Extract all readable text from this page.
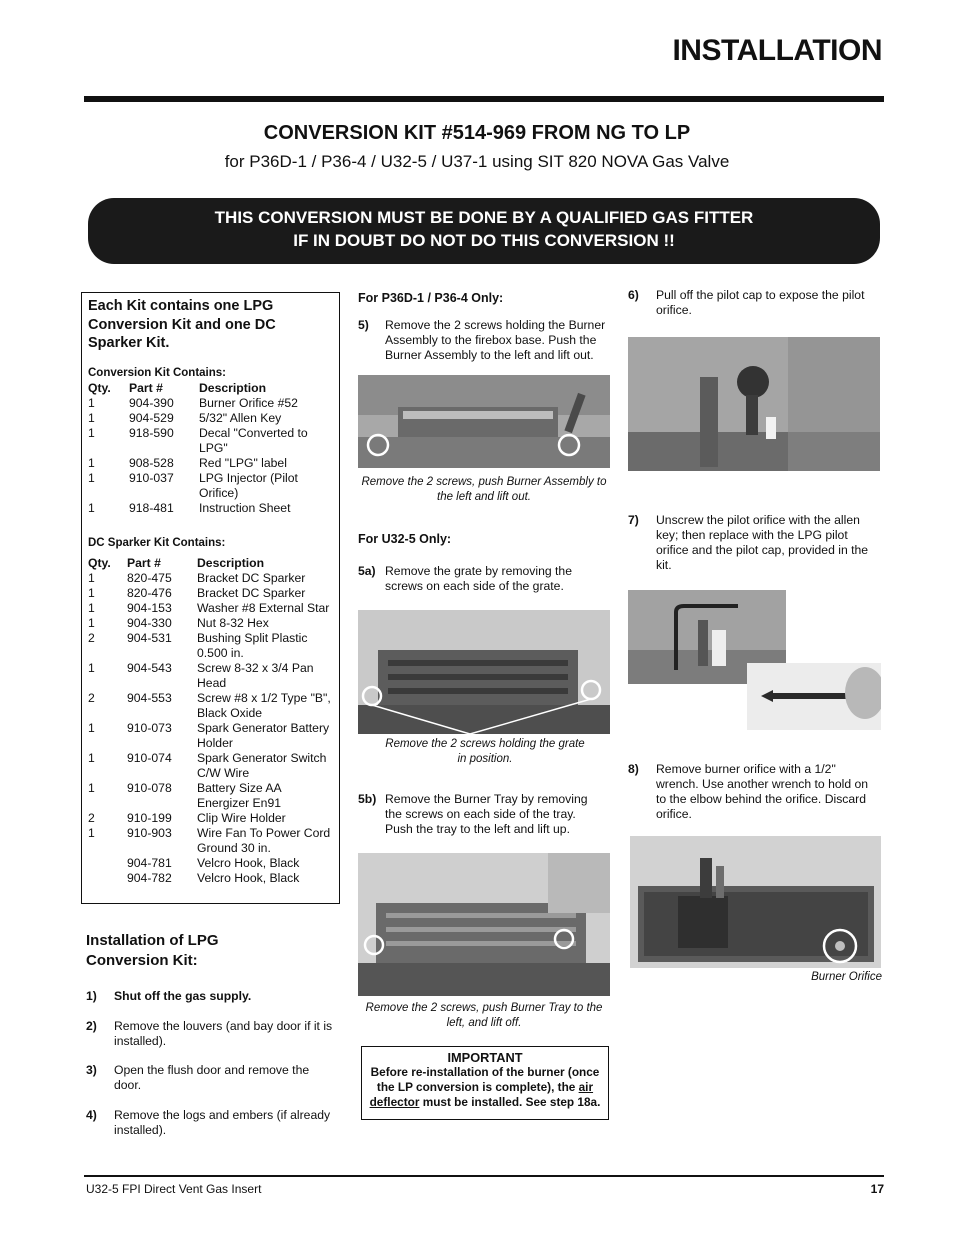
INSTALLATION
CONVERSION KIT #514-969 FROM NG TO LP
for P36D-1 / P36-4 / U32-5 / U37-1 using SIT 820 NOVA Gas Valve
THIS CONVERSION MUST BE DONE BY A QUALIFIED GAS FITTER
IF IN DOUBT DO NOT DO THIS CONVERSION !!
Each Kit contains one LPG Conversion Kit and one DC Sparker Kit.
Conversion Kit Contains:
Qty.	Part #	Description
1	904-390	Burner Orifice #52
1	904-529	5/32" Allen Key
1	918-590	Decal "Converted to LPG"
1	908-528	Red "LPG" label
1	910-037	LPG Injector (Pilot Orifice)
1	918-481	Instruction Sheet
DC Sparker Kit Contains:
Qty.	Part #	Description
1	820-475	Bracket DC Sparker
1	820-476	Bracket DC Sparker
1	904-153	Washer #8 External Star
1	904-330	Nut 8-32 Hex
2	904-531	Bushing Split Plastic 0.500 in.
1	904-543	Screw 8-32 x 3/4 Pan Head
2	904-553	Screw #8 x 1/2 Type "B", Black Oxide
1	910-073	Spark Generator Battery Holder
1	910-074	Spark Generator Switch C/W Wire
1	910-078	Battery Size AA
		Energizer En91
2	910-199	Clip Wire Holder
1	910-903	Wire Fan To Power Cord Ground 30 in.
	904-781	Velcro Hook, Black
	904-782	Velcro Hook, Black
Installation of LPG Conversion Kit:
1) Shut off the gas supply.
2) Remove the louvers (and bay door if it is installed).
3) Open the flush door and remove the door.
4) Remove the logs and embers (if already installed).
For P36D-1 / P36-4 Only:
5) Remove the 2 screws holding the Burner Assembly to the firebox base. Push the Burner Assembly to the left and lift out.
Remove the 2 screws, push Burner Assembly to the left and lift out.
For U32-5 Only:
5a) Remove the grate by removing the screws on each side of the grate.
Remove the 2 screws holding the grate in position.
5b) Remove the Burner Tray by removing the screws on each side of the tray. Push the tray to the left and lift up.
Remove the 2 screws, push Burner Tray to the left, and lift off.
IMPORTANT
Before re-installation of the burner (once the LP conversion is complete), the air deflector must be installed. See step 18a.
6) Pull off the pilot cap to expose the pilot orifice.
7) Unscrew the pilot orifice with the allen key; then replace with the LPG pilot orifice and the pilot cap, provided in the kit.
8) Remove burner orifice with a 1/2" wrench. Use another wrench to hold on to the elbow behind the orifice. Discard orifice.
Burner Orifice
U32-5 FPI Direct Vent Gas Insert	17
